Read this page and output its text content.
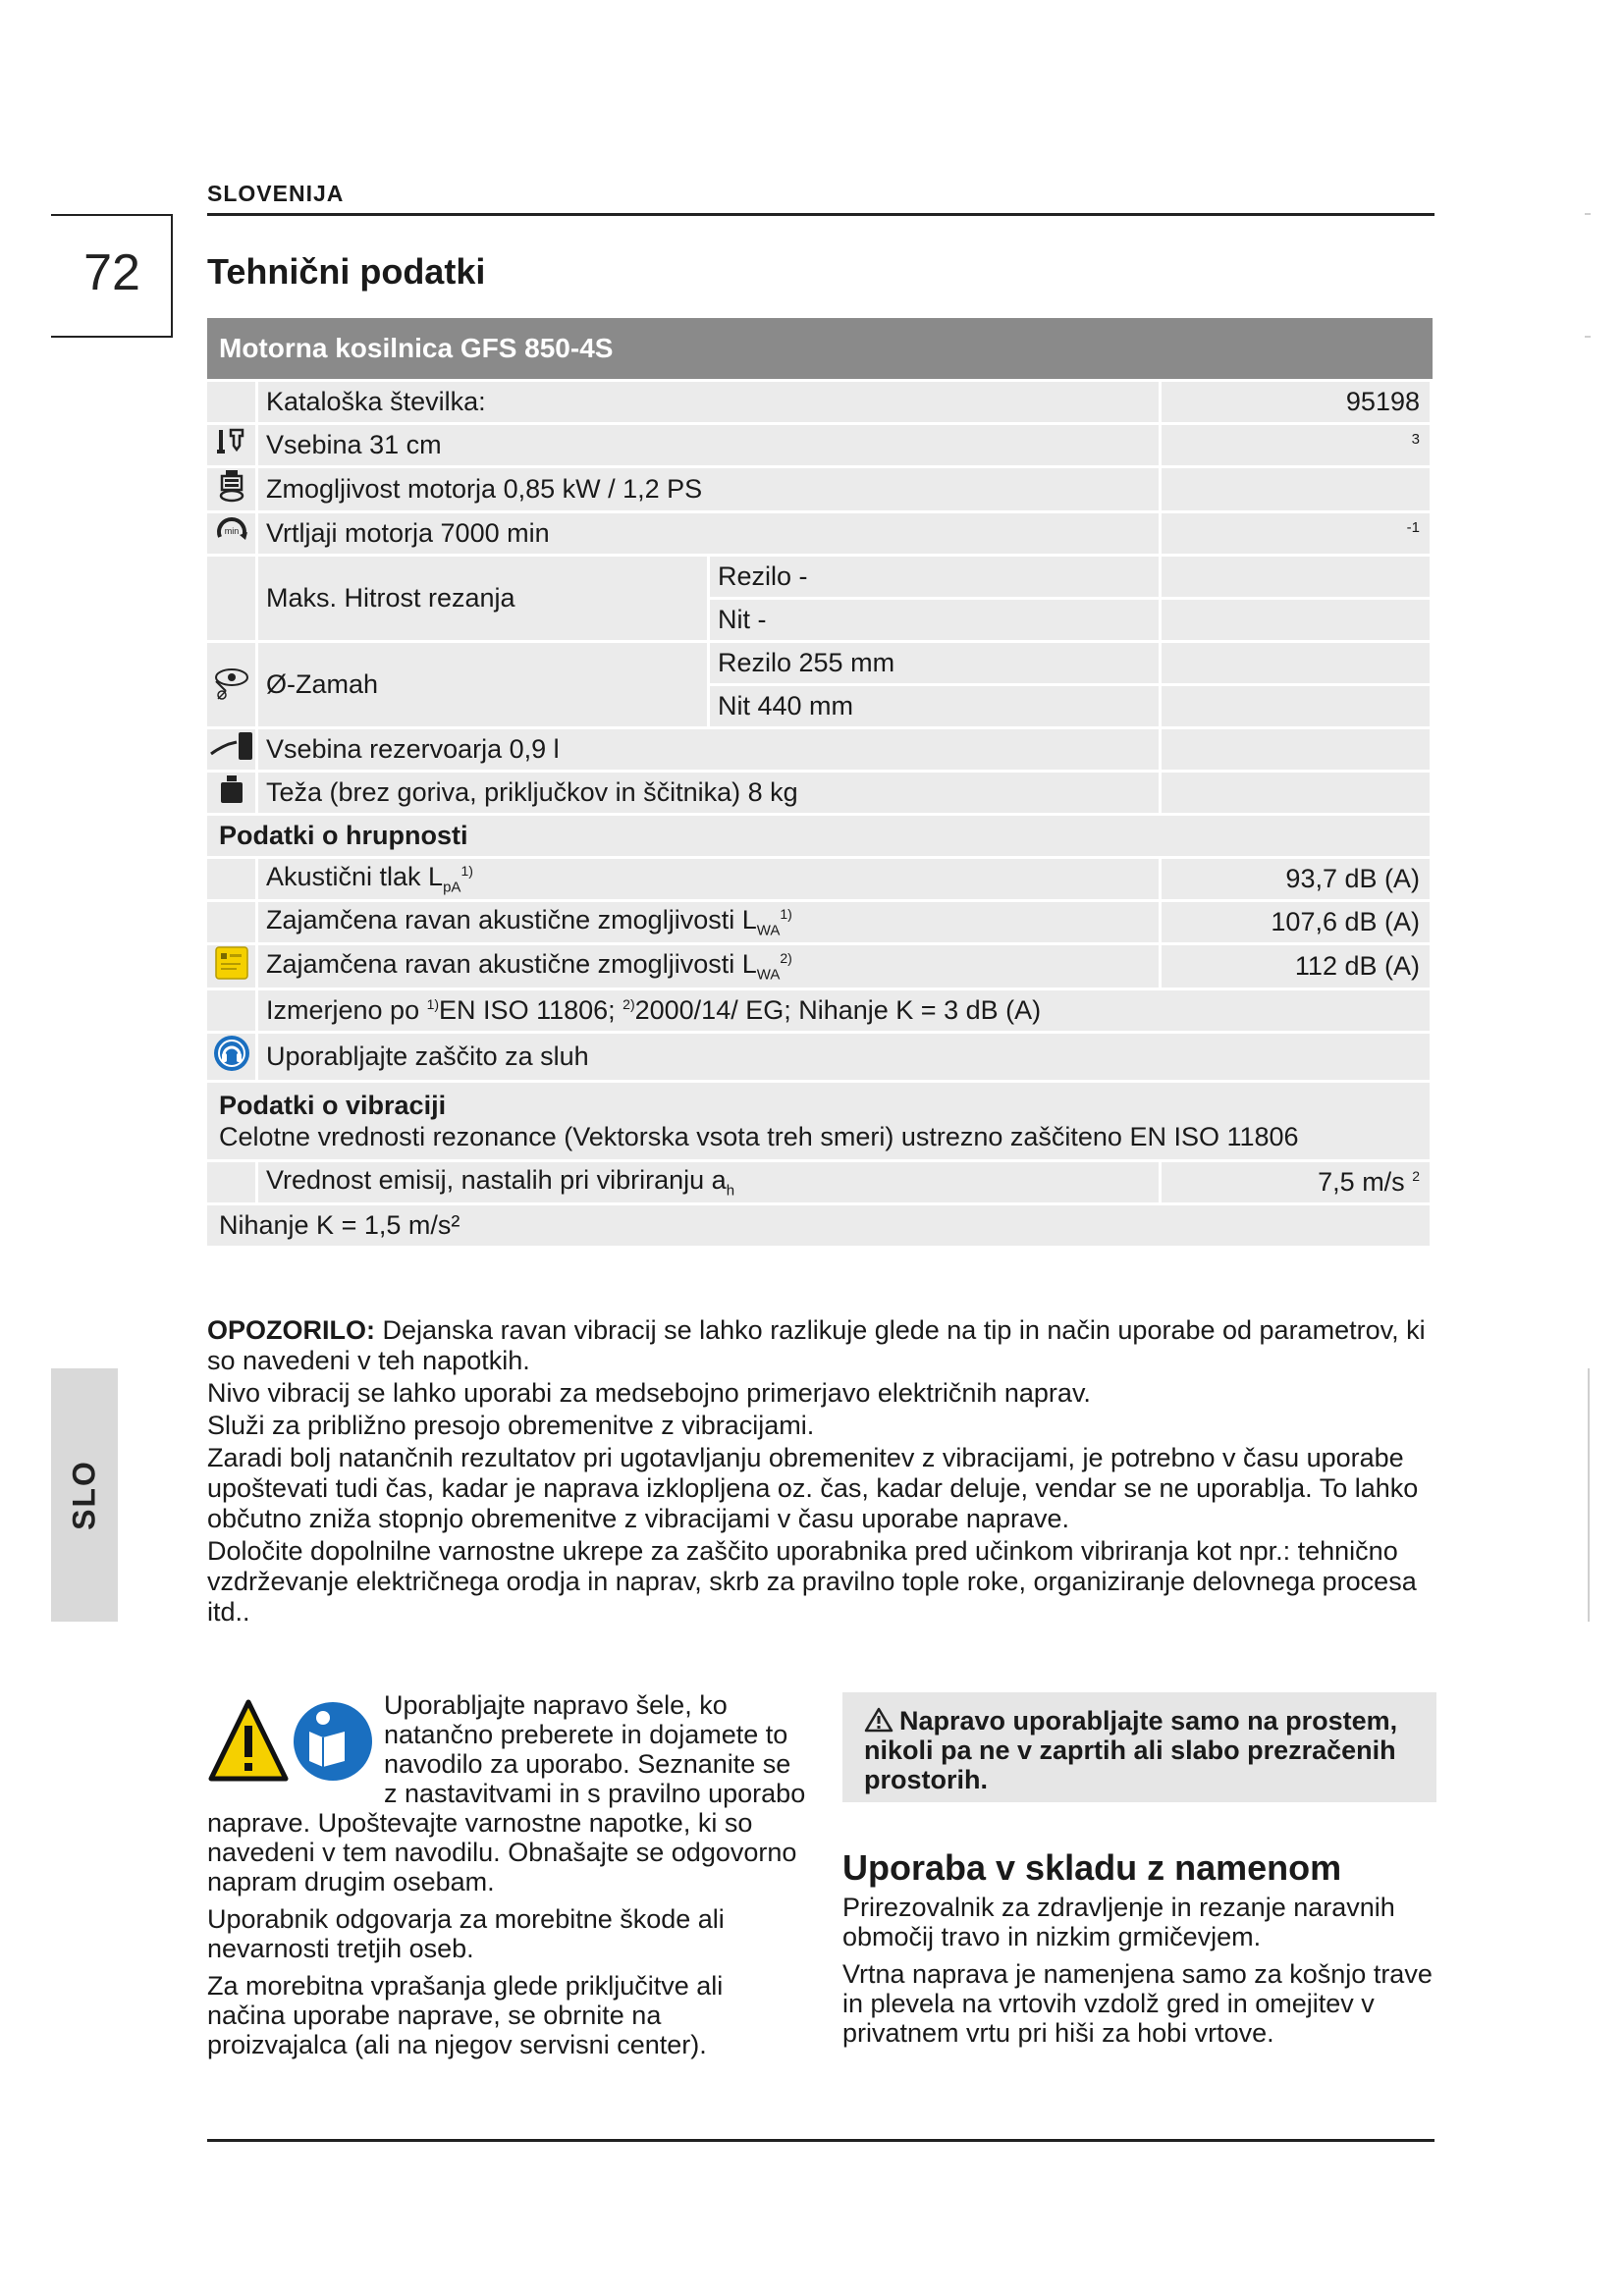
SLOVENIJA
72	Tehnični podatki
SLO
Motorna kosilnica GFS 850-4S			
	Kataloška številka:		95198
	Vsebina 31 cm		3
	Zmogljivost motorja 0,85 kW / 1,2 PS		

min	Vrtljaji motorja 7000 min		-1
	Maks. Hitrost rezanja	Rezilo -	
		Nit -	
	Ø-Zamah	Rezilo 255 mm	
		Nit 440 mm	
	Vsebina rezervoarja 0,9 l		
	Teža (brez goriva, priključkov in ščitnika) 8 kg		
Podatki o hrupnosti			
	Akustični tlak $L_{pA}^{1)}$		93,7 dB (A)
	Zajamčena ravan akustične zmogljivosti $L_{WA}^{1)}$		107,6 dB (A)
	Zajamčena ravan akustične zmogljivosti $L_{WA}^{2)}$		112 dB (A)
	Izmerjeno po $^{1)}$EN ISO 11806; $^{2)}$2000/14/ EG; Nihanje K = 3 dB (A)		
	Uporabljajte zaščito za sluh		

Podatki o vibraciji
Celotne vrednosti rezonance (Vektorska vsota treh smeri) ustrezno zaščiteno EN ISO 11806			

	Vrednost emisij, nastalih pri vibriranju $a_h$		7,5 m/s $^2$
Nihanje K = 1,5 m/s²			

OPOZORILO: Dejanska ravan vibracij se lahko razlikuje glede na tip in način uporabe od parametrov, ki so navedeni v teh napotkih.

Nivo vibracij se lahko uporabi za medsebojno primerjavo električnih naprav.

Služi za približno presojo obremenitve z vibracijami.

Zaradi bolj natančnih rezultatov pri ugotavljanju obremenitev z vibracijami, je potrebno v času uporabe upoštevati tudi čas, kadar je naprava izklopljena oz. čas, kadar deluje, vendar se ne uporablja. To lahko občutno zniža stopnjo obremenitve z vibracijami v času uporabe naprave.

Določite dopolnilne varnostne ukrepe za zaščito uporabnika pred učinkom vibriranja kot npr.: tehnično vzdrževanje električnega orodja in naprav, skrb za pravilno tople roke, organiziranje delovnega procesa itd..

Uporabljajte napravo šele, ko natančno preberete in dojamete to navodilo za uporabo. Seznanite se z nastavitvami in s pravilno uporabo naprave. Upoštevajte varnostne napotke, ki so navedeni v tem navodilu. Obnašajte se odgovorno napram drugim osebam.

Uporabnik odgovarja za morebitne škode ali nevarnosti tretjih oseb.

Za morebitna vprašanja glede priključitve ali načina uporabe naprave, se obrnite na proizvajalca (ali na njegov servisni center).

Napravo uporabljajte samo na prostem, nikoli pa ne v zaprtih ali slabo prezračenih prostorih.
Uporaba v skladu z namenom

Prirezovalnik za zdravljenje in rezanje naravnih območij travo in nizkim grmičevjem.

Vrtna naprava je namenjena samo za košnjo trave in plevela na vrtovih vzdolž gred in omejitev v privatnem vrtu pri hiši za hobi vrtove.
